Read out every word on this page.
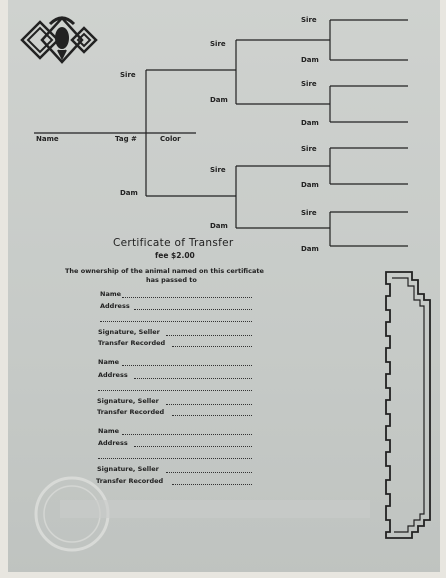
Sire
Sire
Dam
Sire
Sire
Dam
Dam
Name	Tag #	Color
Sire
Sire
Dam
Dam
Sire
Dam
Dam
Certificate of Transfer
fee $2.00
The ownership of the animal named on this certificate
has passed to
Name
Address
Signature, Seller
Transfer Recorded
Name
Address
Signature, Seller
Transfer Recorded
Name
Address
Signature, Seller
Transfer Recorded
